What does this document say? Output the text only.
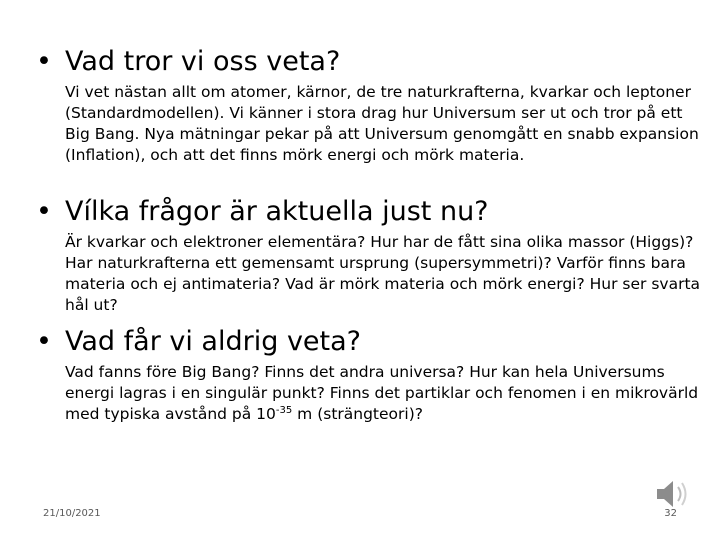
• Vad tror vi oss veta?
Vi vet nästan allt om atomer, kärnor, de tre naturkrafterna, kvarkar och leptoner (Standardmodellen). Vi känner i stora drag hur Universum ser ut och tror på ett Big Bang. Nya mätningar pekar på att Universum genomgått en snabb expansion (Inflation), och att det finns mörk energi och mörk materia.
• Vílka frågor är aktuella just nu?
Är kvarkar och elektroner elementära? Hur har de fått sina olika massor (Higgs)? Har naturkrafterna ett gemensamt ursprung (supersymmetri)? Varför finns bara materia och ej antimateria? Vad är mörk materia och mörk energi? Hur ser svarta hål ut?
• Vad får vi aldrig veta?
Vad fanns före Big Bang? Finns det andra universa? Hur kan hela Universums energi lagras i en singulär punkt? Finns det partiklar och fenomen i en mikrovärld med typiska avstånd på $10^{-35}$ m (strängteori)?
21/10/2021	32
